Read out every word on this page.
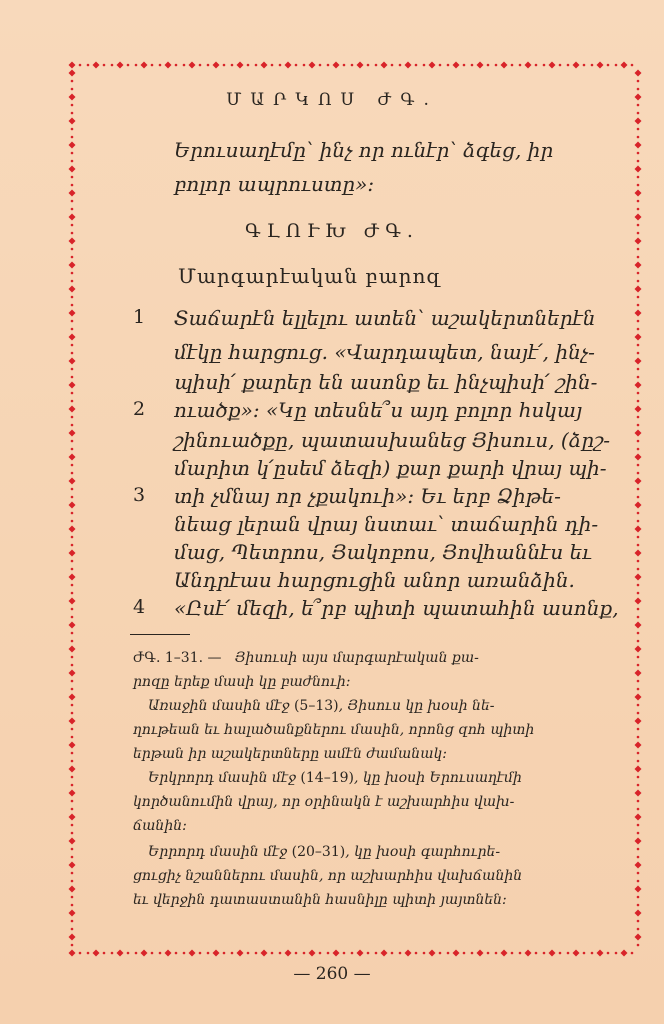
ՄԱՐԿՈՍ ԺԳ.
Երուսաղէմը՝ ինչ որ ունէր՝ ձգեց, իր
բոլոր ապրուստը»:
ԳԼՈՒԽ ԺԳ.
Մարգարէական բարոզ
1
2
3
4
Տաճարէն ելլելու ատեն՝ աշակերտներէն
մէկը հարցուց. «Վարդապետ, նայէ՛, ինչ-
պիսի՛ քարեր են ասոնք եւ ինչպիսի՛ շին-
ուածք»: «Կը տեսնե՞ս այդ բոլոր һսկայ
շինուածքը, պատասխանեց Յիսուս, (ձըշ-
մարիտ կ՛ըսեմ ձեզի) քար քարի վրայ պի-
տի չմնայ որ չքակուի»: Եւ երբ Ձիթե-
նեաց լերան վրայ նստաւ՝ տաճարին դի-
մաց, Պետրոս, Յակոբոս, Յովհաննէս եւ
Անդրէաս հարցուցին անոր առանձին.
«Ըսէ՛ մեզի, ե՞րբ պիտի պատահին ասոնք,
ԺԳ. 1–31. — Յիսուսի այս մարգարէական քա-
րոզը երեք մասի կը բաժնուի:
Առաջին մասին մէջ (5–13), Յիսուս կը խօսի նե-
ղութեան եւ հալածանքներու մասին, որոնց զոհ պիտի
երթան իր աշակերտները ամէն ժամանակ:
Երկրորդ մասին մէջ (14–19), կը խօսի Երուսաղէմի
կործանումին վրայ, որ օրինակն է աշխարհիս վախ-
ճանին:
Երրորդ մասին մէջ (20–31), կը խօսի գարհուրե-
ցուցիչ նշաններու մասին, որ աշխարհիս վախճանին
եւ վերջին դատաստանին հասնիլը պիտի յայտնեն:
— 260 —
